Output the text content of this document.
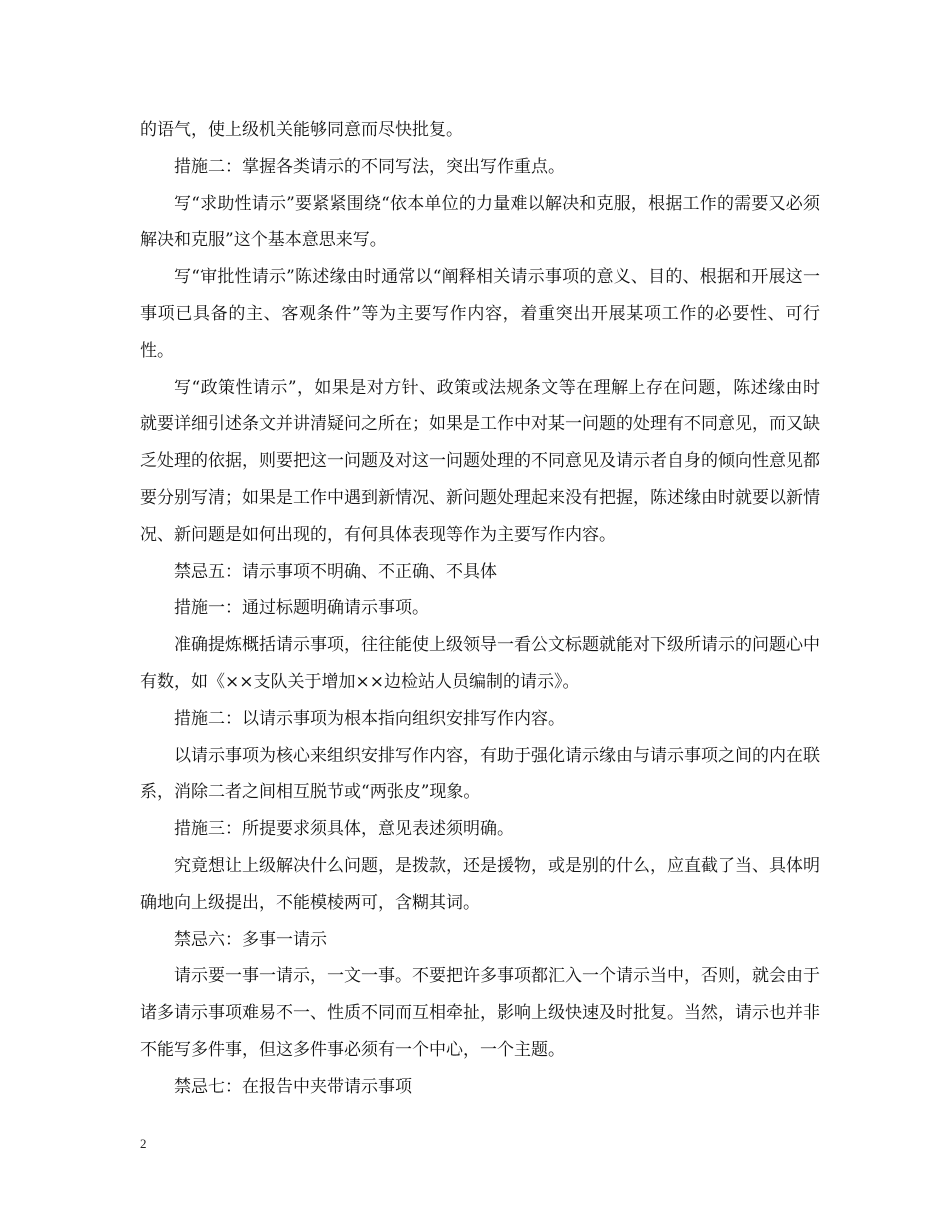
的语气，使上级机关能够同意而尽快批复。

措施二：掌握各类请示的不同写法，突出写作重点。

写“求助性请示”要紧紧围绕“依本单位的力量难以解决和克服，根据工作的需要又必须解决和克服”这个基本意思来写。

写“审批性请示”陈述缘由时通常以“阐释相关请示事项的意义、目的、根据和开展这一事项已具备的主、客观条件”等为主要写作内容，着重突出开展某项工作的必要性、可行性。

写“政策性请示”，如果是对方针、政策或法规条文等在理解上存在问题，陈述缘由时就要详细引述条文并讲清疑问之所在；如果是工作中对某一问题的处理有不同意见，而又缺乏处理的依据，则要把这一问题及对这一问题处理的不同意见及请示者自身的倾向性意见都要分别写清；如果是工作中遇到新情况、新问题处理起来没有把握，陈述缘由时就要以新情况、新问题是如何出现的，有何具体表现等作为主要写作内容。

禁忌五：请示事项不明确、不正确、不具体

措施一：通过标题明确请示事项。

准确提炼概括请示事项，往往能使上级领导一看公文标题就能对下级所请示的问题心中有数，如《××支队关于增加××边检站人员编制的请示》。

措施二：以请示事项为根本指向组织安排写作内容。

以请示事项为核心来组织安排写作内容，有助于强化请示缘由与请示事项之间的内在联系，消除二者之间相互脱节或“两张皮”现象。

措施三：所提要求须具体，意见表述须明确。

究竟想让上级解决什么问题，是拨款，还是援物，或是别的什么，应直截了当、具体明确地向上级提出，不能模棱两可，含糊其词。

禁忌六：多事一请示

请示要一事一请示，一文一事。不要把许多事项都汇入一个请示当中，否则，就会由于诸多请示事项难易不一、性质不同而互相牵扯，影响上级快速及时批复。当然，请示也并非不能写多件事，但这多件事必须有一个中心，一个主题。

禁忌七：在报告中夹带请示事项

2
